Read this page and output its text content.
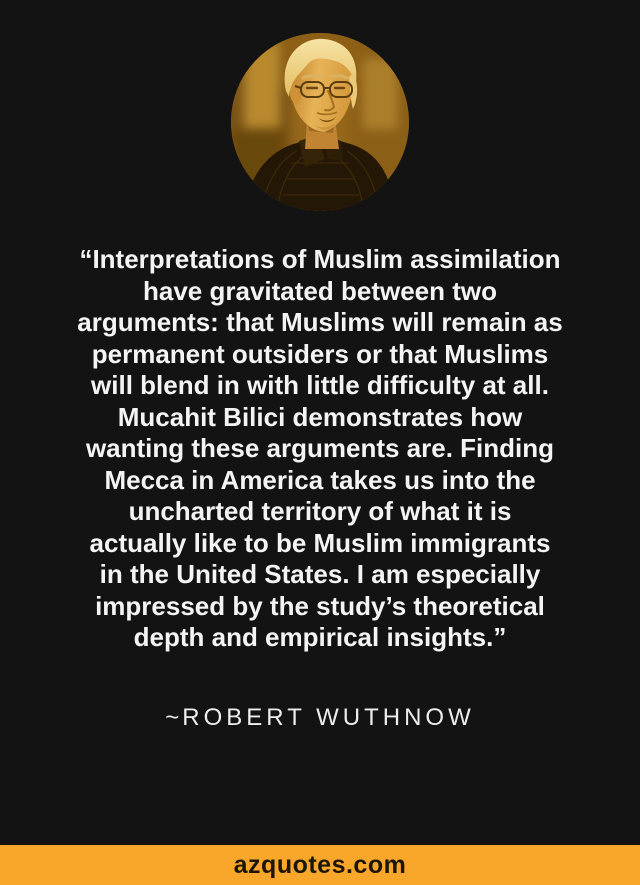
“Interpretations of Muslim assimilation
have gravitated between two
arguments: that Muslims will remain as
permanent outsiders or that Muslims
will blend in with little difficulty at all.
Mucahit Bilici demonstrates how
wanting these arguments are. Finding
Mecca in America takes us into the
uncharted territory of what it is
actually like to be Muslim immigrants
in the United States. I am especially
impressed by the study’s theoretical
depth and empirical insights.”
~ROBERT WUTHNOW
azquotes.com
